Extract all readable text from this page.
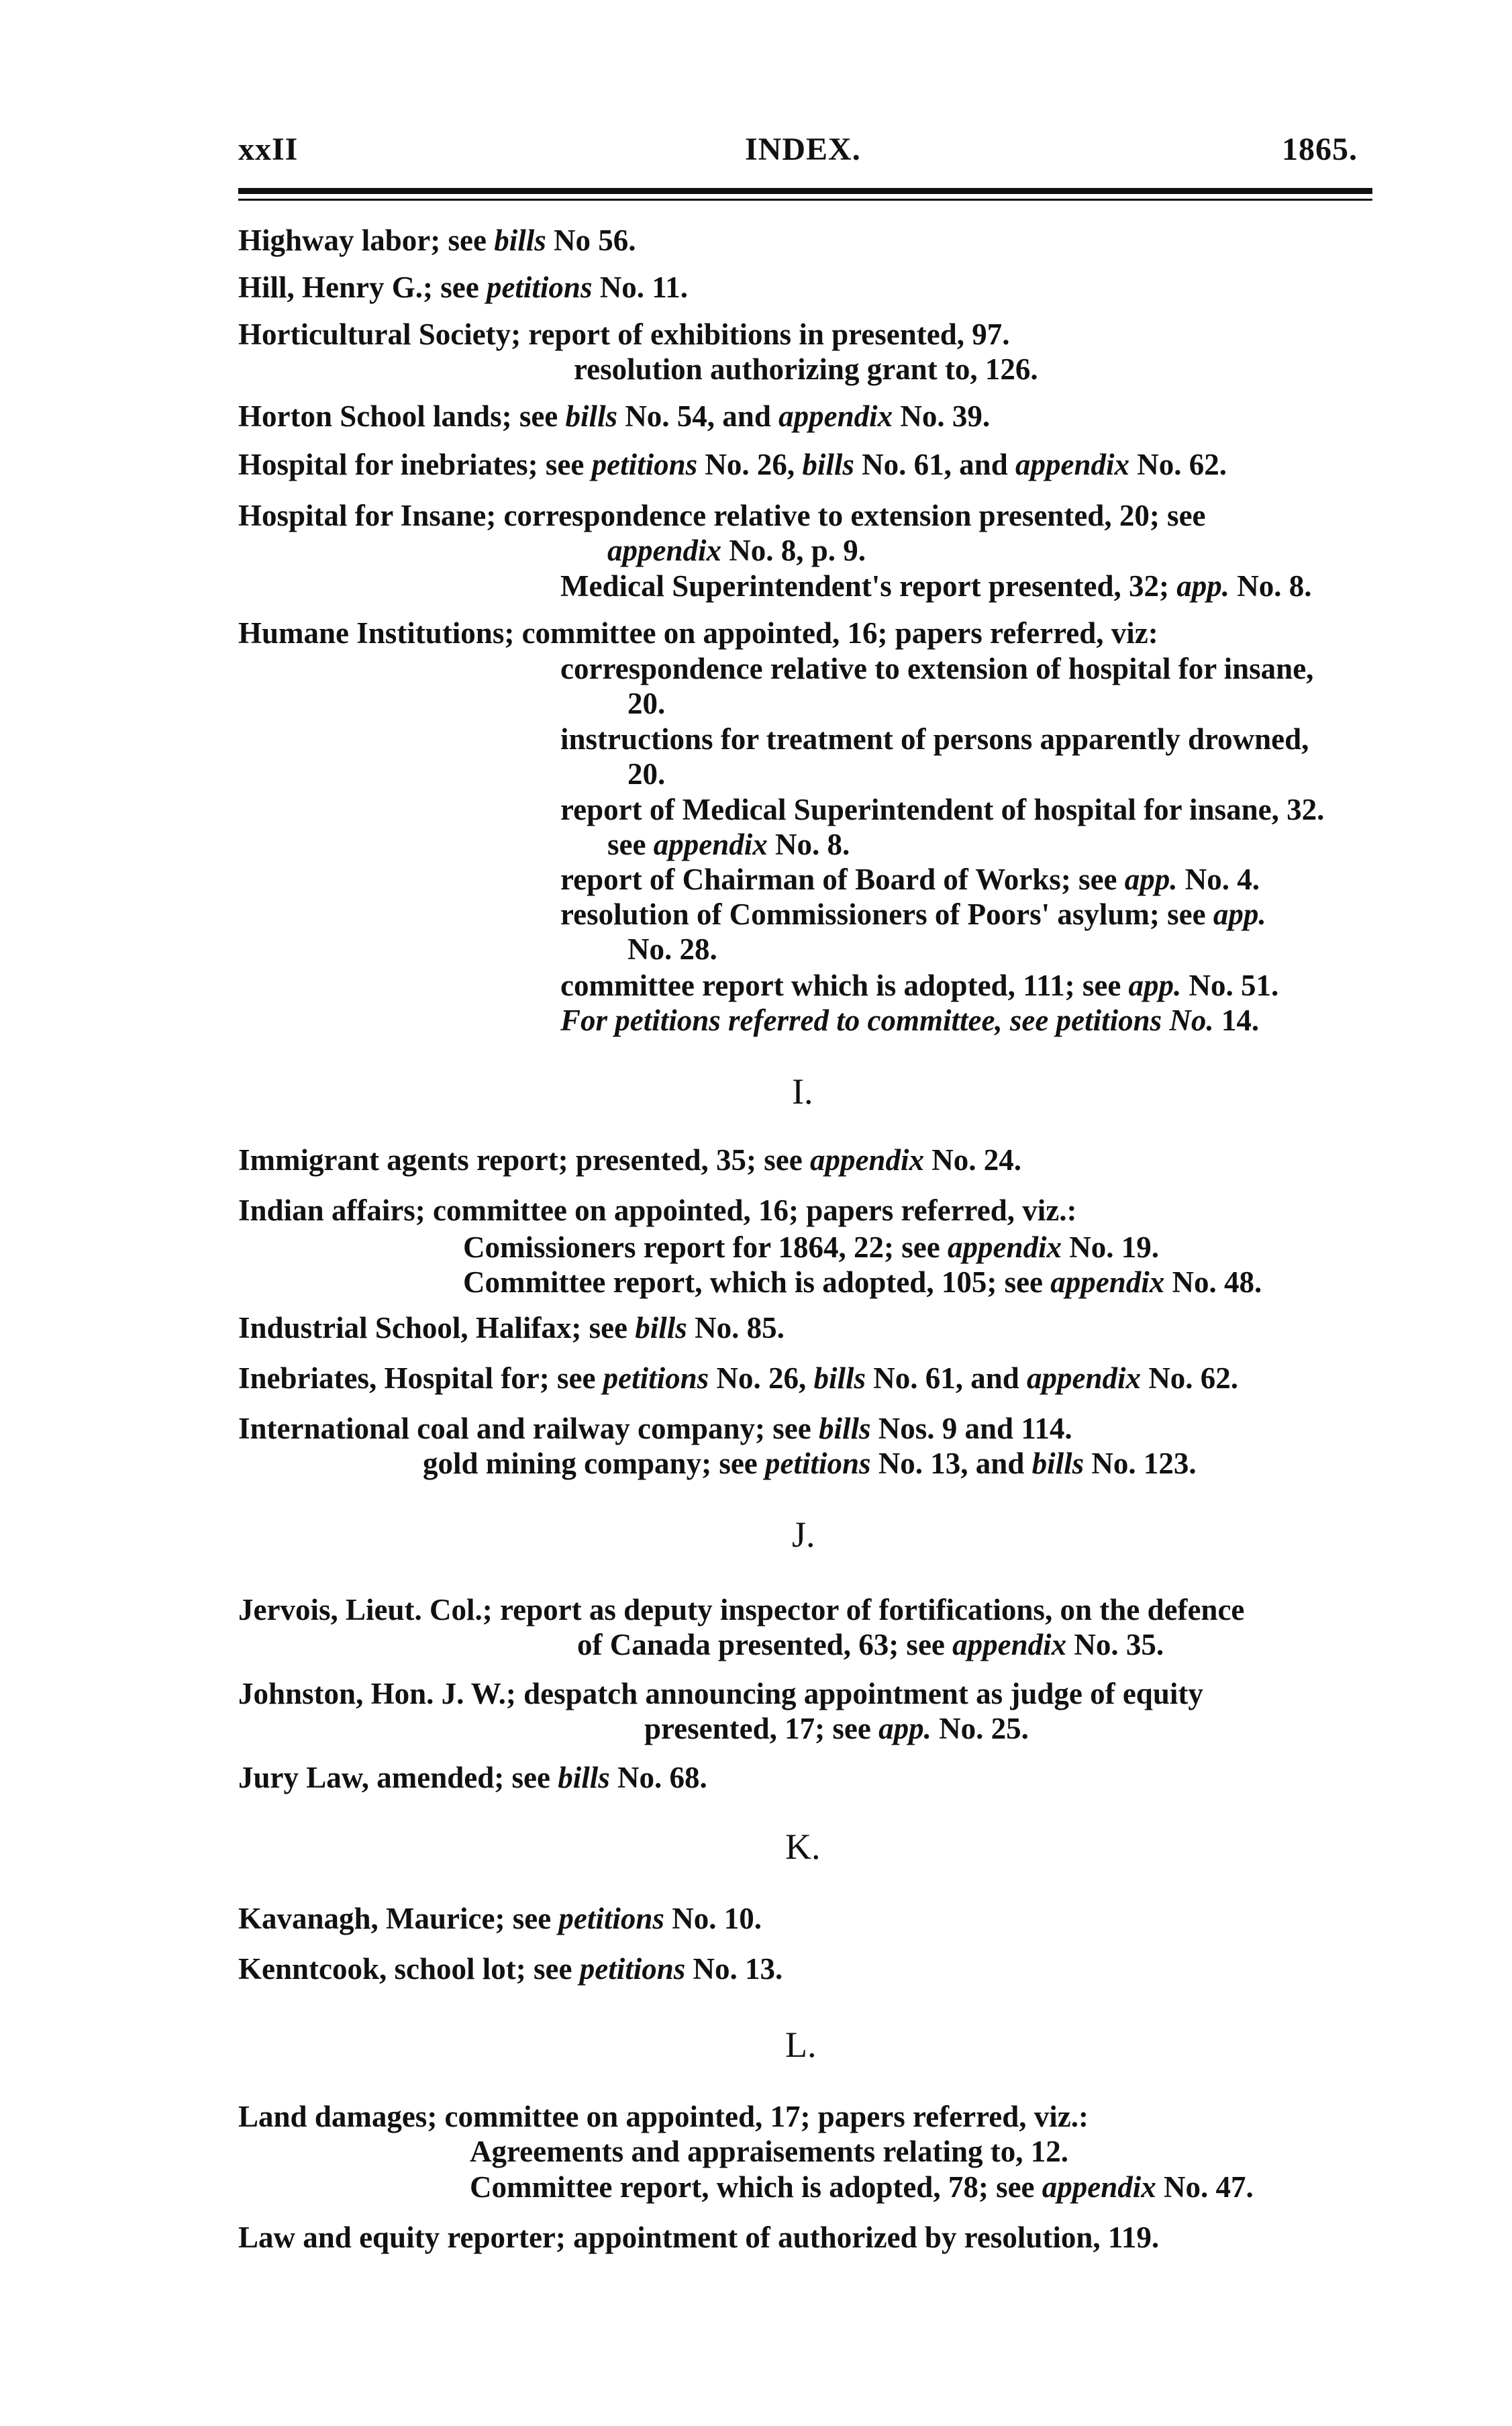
xxII	INDEX.	1865.
Highway labor; see bills No 56.
Hill, Henry G.; see petitions No. 11.
Horticultural Society; report of exhibitions in presented, 97.
resolution authorizing grant to, 126.
Horton School lands; see bills No. 54, and appendix No. 39.
Hospital for inebriates; see petitions No. 26, bills No. 61, and appendix No. 62.
Hospital for Insane; correspondence relative to extension presented, 20; see
appendix No. 8, p. 9.
Medical Superintendent's report presented, 32; app. No. 8.
Humane Institutions; committee on appointed, 16; papers referred, viz:
correspondence relative to extension of hospital for insane,
20.
instructions for treatment of persons apparently drowned,
20.
report of Medical Superintendent of hospital for insane, 32.
see appendix No. 8.
report of Chairman of Board of Works; see app. No. 4.
resolution of Commissioners of Poors' asylum; see app.
No. 28.
committee report which is adopted, 111; see app. No. 51.
For petitions referred to committee, see petitions No. 14.
I.
Immigrant agents report; presented, 35; see appendix No. 24.
Indian affairs; committee on appointed, 16; papers referred, viz.:
Comissioners report for 1864, 22; see appendix No. 19.
Committee report, which is adopted, 105; see appendix No. 48.
Industrial School, Halifax; see bills No. 85.
Inebriates, Hospital for; see petitions No. 26, bills No. 61, and appendix No. 62.
International coal and railway company; see bills Nos. 9 and 114.
gold mining company; see petitions No. 13, and bills No. 123.
J.
Jervois, Lieut. Col.; report as deputy inspector of fortifications, on the defence
of Canada presented, 63; see appendix No. 35.
Johnston, Hon. J. W.; despatch announcing appointment as judge of equity
presented, 17; see app. No. 25.
Jury Law, amended; see bills No. 68.
K.
Kavanagh, Maurice; see petitions No. 10.
Kenntcook, school lot; see petitions No. 13.
L.
Land damages; committee on appointed, 17; papers referred, viz.:
Agreements and appraisements relating to, 12.
Committee report, which is adopted, 78; see appendix No. 47.
Law and equity reporter; appointment of authorized by resolution, 119.
